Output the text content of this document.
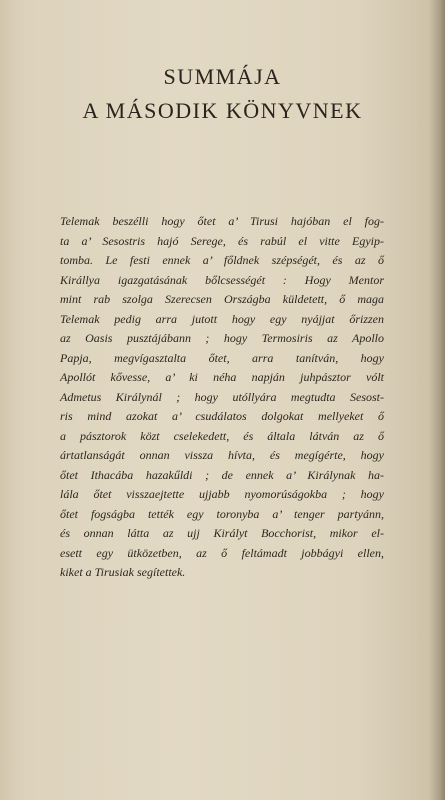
SUMMÁJA
A MÁSODIK KÖNYVNEK
Telemak beszélli hogy őtet a’ Tirusi hajóban el fog-
ta a’ Sesostris hajó Serege, és rabúl el vitte Egyip-
tomba. Le festi ennek a’ főldnek szépségét, és az ő
Királlya igazgatásának bőlcsességét : Hogy Mentor
mint rab szolga Szerecsen Országba küldetett, ő maga
Telemak pedig arra jutott hogy egy nyájjat őrizzen
az Oasis pusztájábann ; hogy Termosiris az Apollo
Papja, megvígasztalta őtet, arra tanítván, hogy
Apollót kővesse, a’ ki néha napján juhpásztor vólt
Admetus Királynál ; hogy utóllyára megtudta Sesost-
ris mind azokat a’ csudálatos dolgokat mellyeket ő
a pásztorok közt cselekedett, és általa látván az ő
ártatlanságát onnan vissza hívta, és megígérte, hogy
őtet Ithacába hazakűldi ; de ennek a’ Királynak ha-
lála őtet visszaejtette ujjabb nyomorúságokba ; hogy
őtet fogságba tették egy toronyba a’ tenger partyánn,
és onnan látta az ujj Királyt Bocchorist, mikor el-
esett egy ütközetben, az ő feltámadt jobbágyi ellen,
kiket a Tirusiak segítettek.
